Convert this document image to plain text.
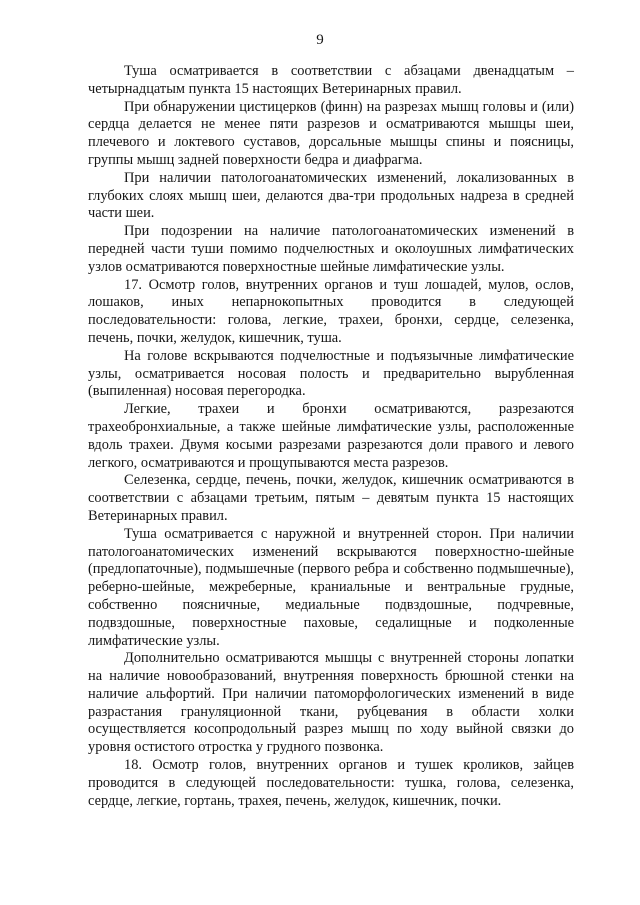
9

Туша осматривается в соответствии с абзацами двенадцатым – четырнадцатым пункта 15 настоящих Ветеринарных правил.

При обнаружении цистицерков (финн) на разрезах мышц головы и (или) сердца делается не менее пяти разрезов и осматриваются мышцы шеи, плечевого и локтевого суставов, дорсальные мышцы спины и поясницы, группы мышц задней поверхности бедра и диафрагма.

При наличии патологоанатомических изменений, локализованных в глубоких слоях мышц шеи, делаются два-три продольных надреза в средней части шеи.

При подозрении на наличие патологоанатомических изменений в передней части туши помимо подчелюстных и околоушных лимфатических узлов осматриваются поверхностные шейные лимфатические узлы.

17. Осмотр голов, внутренних органов и туш лошадей, мулов, ослов, лошаков, иных непарнокопытных проводится в следующей последовательности: голова, легкие, трахеи, бронхи, сердце, селезенка, печень, почки, желудок, кишечник, туша.

На голове вскрываются подчелюстные и подъязычные лимфатические узлы, осматривается носовая полость и предварительно вырубленная (выпиленная) носовая перегородка.

Легкие, трахеи и бронхи осматриваются, разрезаются трахеобронхиальные, а также шейные лимфатические узлы, расположенные вдоль трахеи. Двумя косыми разрезами разрезаются доли правого и левого легкого, осматриваются и прощупываются места разрезов.

Селезенка, сердце, печень, почки, желудок, кишечник осматриваются в соответствии с абзацами третьим, пятым – девятым пункта 15 настоящих Ветеринарных правил.

Туша осматривается с наружной и внутренней сторон. При наличии патологоанатомических изменений вскрываются поверхностно-шейные (предлопаточные), подмышечные (первого ребра и собственно подмышечные), реберно-шейные, межреберные, краниальные и вентральные грудные, собственно поясничные, медиальные подвздошные, подчревные, подвздошные, поверхностные паховые, седалищные и подколенные лимфатические узлы.

Дополнительно осматриваются мышцы с внутренней стороны лопатки на наличие новообразований, внутренняя поверхность брюшной стенки на наличие альфортий. При наличии патоморфологических изменений в виде разрастания грануляционной ткани, рубцевания в области холки осуществляется косопродольный разрез мышц по ходу выйной связки до уровня остистого отростка у грудного позвонка.

18. Осмотр голов, внутренних органов и тушек кроликов, зайцев проводится в следующей последовательности: тушка, голова, селезенка, сердце, легкие, гортань, трахея, печень, желудок, кишечник, почки.
